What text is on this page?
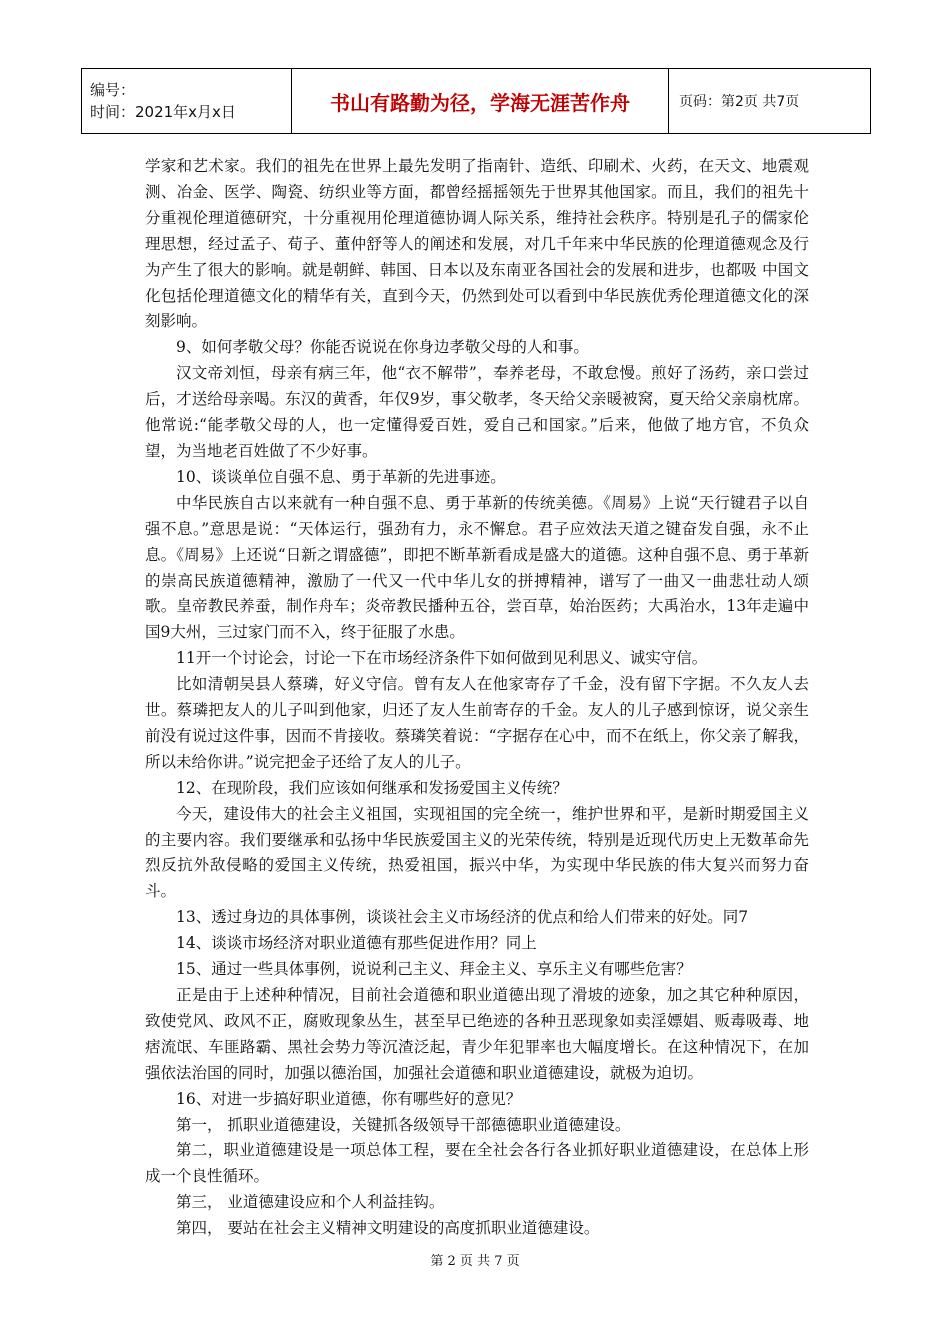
编号：
时间：2021年x月x日	书山有路勤为径，学海无涯苦作舟	页码：第2页 共7页

学家和艺术家。我们的祖先在世界上最先发明了指南针、造纸、印刷术、火药，在天文、地震观测、冶金、医学、陶瓷、纺织业等方面，都曾经摇摇领先于世界其他国家。而且，我们的祖先十分重视伦理道德研究，十分重视用伦理道德协调人际关系，维持社会秩序。特别是孔子的儒家伦理思想，经过孟子、荀子、董仲舒等人的阐述和发展，对几千年来中华民族的伦理道德观念及行为产生了很大的影响。就是朝鲜、韩国、日本以及东南亚各国社会的发展和进步，也都吸 中国文化包括伦理道德文化的精华有关，直到今天，仍然到处可以看到中华民族优秀伦理道德文化的深刻影响。

9、如何孝敬父母？你能否说说在你身边孝敬父母的人和事。

汉文帝刘恒，母亲有病三年，他“衣不解带”，奉养老母，不敢怠慢。煎好了汤药，亲口尝过后，才送给母亲喝。东汉的黄香，年仅9岁，事父敬孝，冬天给父亲暖被窝，夏天给父亲扇枕席。他常说:“能孝敬父母的人，也一定懂得爱百姓，爱自己和国家。”后来，他做了地方官，不负众望，为当地老百姓做了不少好事。

10、谈谈单位自强不息、勇于革新的先进事迹。

中华民族自古以来就有一种自强不息、勇于革新的传统美德。《周易》上说“天行键君子以自强不息。”意思是说：“天体运行，强劲有力，永不懈怠。君子应效法天道之键奋发自强，永不止息。《周易》上还说“日新之谓盛德”，即把不断革新看成是盛大的道德。这种自强不息、勇于革新的崇高民族道德精神，激励了一代又一代中华儿女的拼搏精神，谱写了一曲又一曲悲壮动人颂歌。皇帝教民养蚕，制作舟车；炎帝教民播种五谷，尝百草，始治医药；大禹治水，13年走遍中国9大州，三过家门而不入，终于征服了水患。

11开一个讨论会，讨论一下在市场经济条件下如何做到见利思义、诚实守信。

比如清朝吴县人蔡璘，好义守信。曾有友人在他家寄存了千金，没有留下字据。不久友人去世。蔡璘把友人的儿子叫到他家，归还了友人生前寄存的千金。友人的儿子感到惊讶，说父亲生前没有说过这件事，因而不肯接收。蔡璘笑着说：“字据存在心中，而不在纸上，你父亲了解我，所以未给你讲。”说完把金子还给了友人的儿子。

12、在现阶段，我们应该如何继承和发扬爱国主义传统？

今天，建设伟大的社会主义祖国，实现祖国的完全统一，维护世界和平，是新时期爱国主义的主要内容。我们要继承和弘扬中华民族爱国主义的光荣传统，特别是近现代历史上无数革命先烈反抗外敌侵略的爱国主义传统，热爱祖国，振兴中华，为实现中华民族的伟大复兴而努力奋斗。

13、透过身边的具体事例，谈谈社会主义市场经济的优点和给人们带来的好处。同7

14、谈谈市场经济对职业道德有那些促进作用？同上

15、通过一些具体事例，说说利己主义、拜金主义、享乐主义有哪些危害？

正是由于上述种种情况，目前社会道德和职业道德出现了滑坡的迹象，加之其它种种原因，致使党风、政风不正，腐败现象丛生，甚至早已绝迹的各种丑恶现象如卖淫嫖娼、贩毒吸毒、地痞流氓、车匪路霸、黑社会势力等沉渣泛起，青少年犯罪率也大幅度增长。在这种情况下，在加强依法治国的同时，加强以德治国，加强社会道德和职业道德建设，就极为迫切。

16、对进一步搞好职业道德，你有哪些好的意见？

第一， 抓职业道德建设，关键抓各级领导干部德德职业道德建设。

第二，职业道德建设是一项总体工程，要在全社会各行各业抓好职业道德建设，在总体上形成一个良性循环。

第三， 业道德建设应和个人利益挂钩。

第四， 要站在社会主义精神文明建设的高度抓职业道德建设。

第 2 页 共 7 页
